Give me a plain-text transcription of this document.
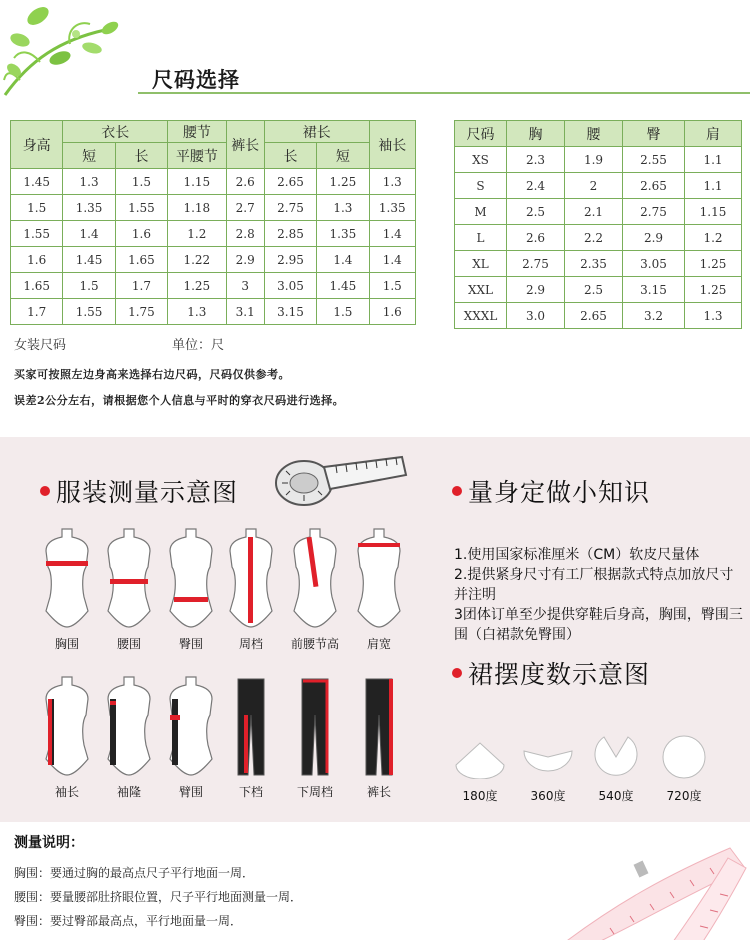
尺码选择
身高	衣长		腰节	裤长	裙长		袖长
	短	长	平腰节		长	短	
1.45	1.3	1.5	1.15	2.6	2.65	1.25	1.3
1.5	1.35	1.55	1.18	2.7	2.75	1.3	1.35
1.55	1.4	1.6	1.2	2.8	2.85	1.35	1.4
1.6	1.45	1.65	1.22	2.9	2.95	1.4	1.4
1.65	1.5	1.7	1.25	3	3.05	1.45	1.5
1.7	1.55	1.75	1.3	3.1	3.15	1.5	1.6
尺码	胸	腰	臀	肩
XS	2.3	1.9	2.55	1.1
S	2.4	2	2.65	1.1
M	2.5	2.1	2.75	1.15
L	2.6	2.2	2.9	1.2
XL	2.75	2.35	3.05	1.25
XXL	2.9	2.5	3.15	1.25
XXXL	3.0	2.65	3.2	1.3
女装尺码	单位：尺
买家可按照左边身高来选择右边尺码，尺码仅供参考。
误差2公分左右，请根据您个人信息与平时的穿衣尺码进行选择。
服装测量示意图	量身定做小知识
胸围	腰围	臀围	周档	前腰节高	肩宽
袖长	袖隆	臂围	下档	下周档	裤长

1.使用国家标准厘米（CM）软皮尺量体

2.提供紧身尺寸有工厂根据款式特点加放尺寸并注明

3团体订单至少提供穿鞋后身高，胸围，臀围三围（白裙款免臀围）

裙摆度数示意图
180度	360度	540度	720度
测量说明：
胸围：要通过胸的最高点尺子平行地面一周．
腰围：要量腰部肚挤眼位置，尺子平行地面测量一周．
臀围：要过臀部最高点，平行地面量一周．
